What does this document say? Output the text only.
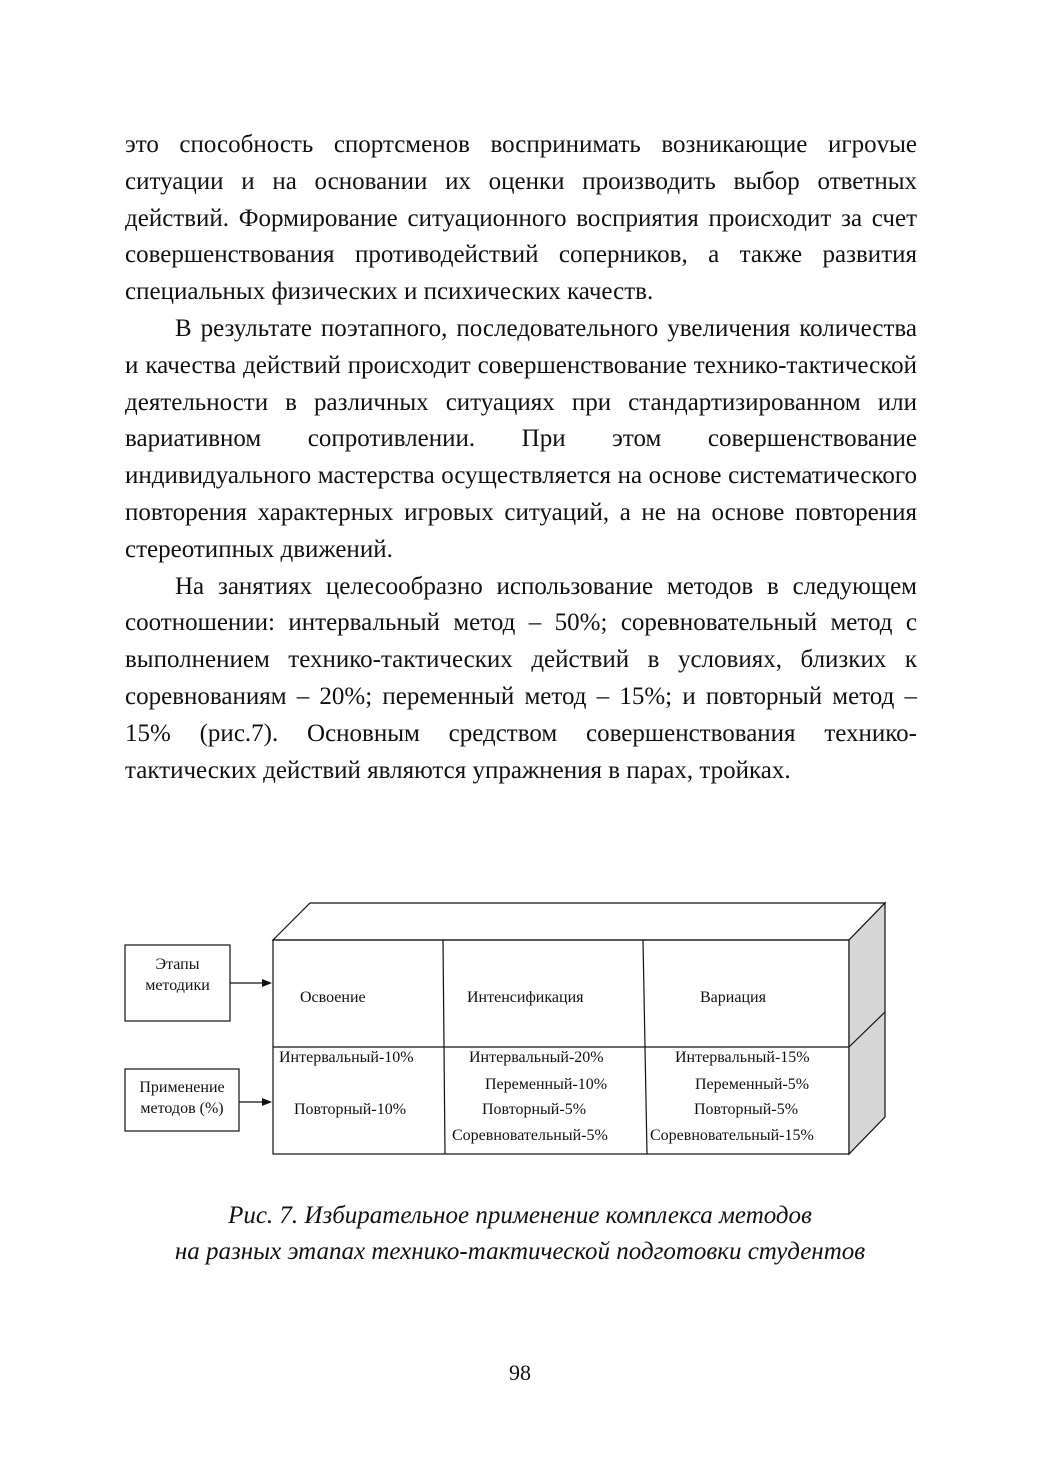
это способность спортсменов воспринимать возникающие игроvые ситуации и на основании их оценки производить выбор ответных действий. Формирование ситуационного восприятия происходит за счет совершенствования противодействий соперников, а также развития специальных физических и психических качеств.

В результате поэтапного, последовательного увеличения количества и качества действий происходит совершенствование технико-тактической деятельности в различных ситуациях при стандартизированном или вариативном сопротивлении. При этом совершенствование индивидуального мастерства осуществляется на основе систематического повторения характерных игровых ситуаций, а не на основе повторения стереотипных движений.

На занятиях целесообразно использование методов в следующем соотношении: интервальный метод – 50%; соревновательный метод с выполнением технико-тактических действий в условиях, близких к соревнованиям – 20%; переменный метод – 15%; и повторный метод – 15% (рис.7). Основным средством совершенствования технико-тактических действий являются упражнения в парах, тройках.

Этапы
методики
Применение
методов (%)
Освоение	Интенсификация	Вариация
Интервальный-10%
Повторный-10%
Интервальный-20%
Переменный-10%
Повторный-5%
Соревновательный-5%
Интервальный-15%
Переменный-5%
Повторный-5%
Соревновательный-15%
Рис. 7. Избирательное применение комплекса методов
на разных этапах технико-тактической подготовки студентов
98
